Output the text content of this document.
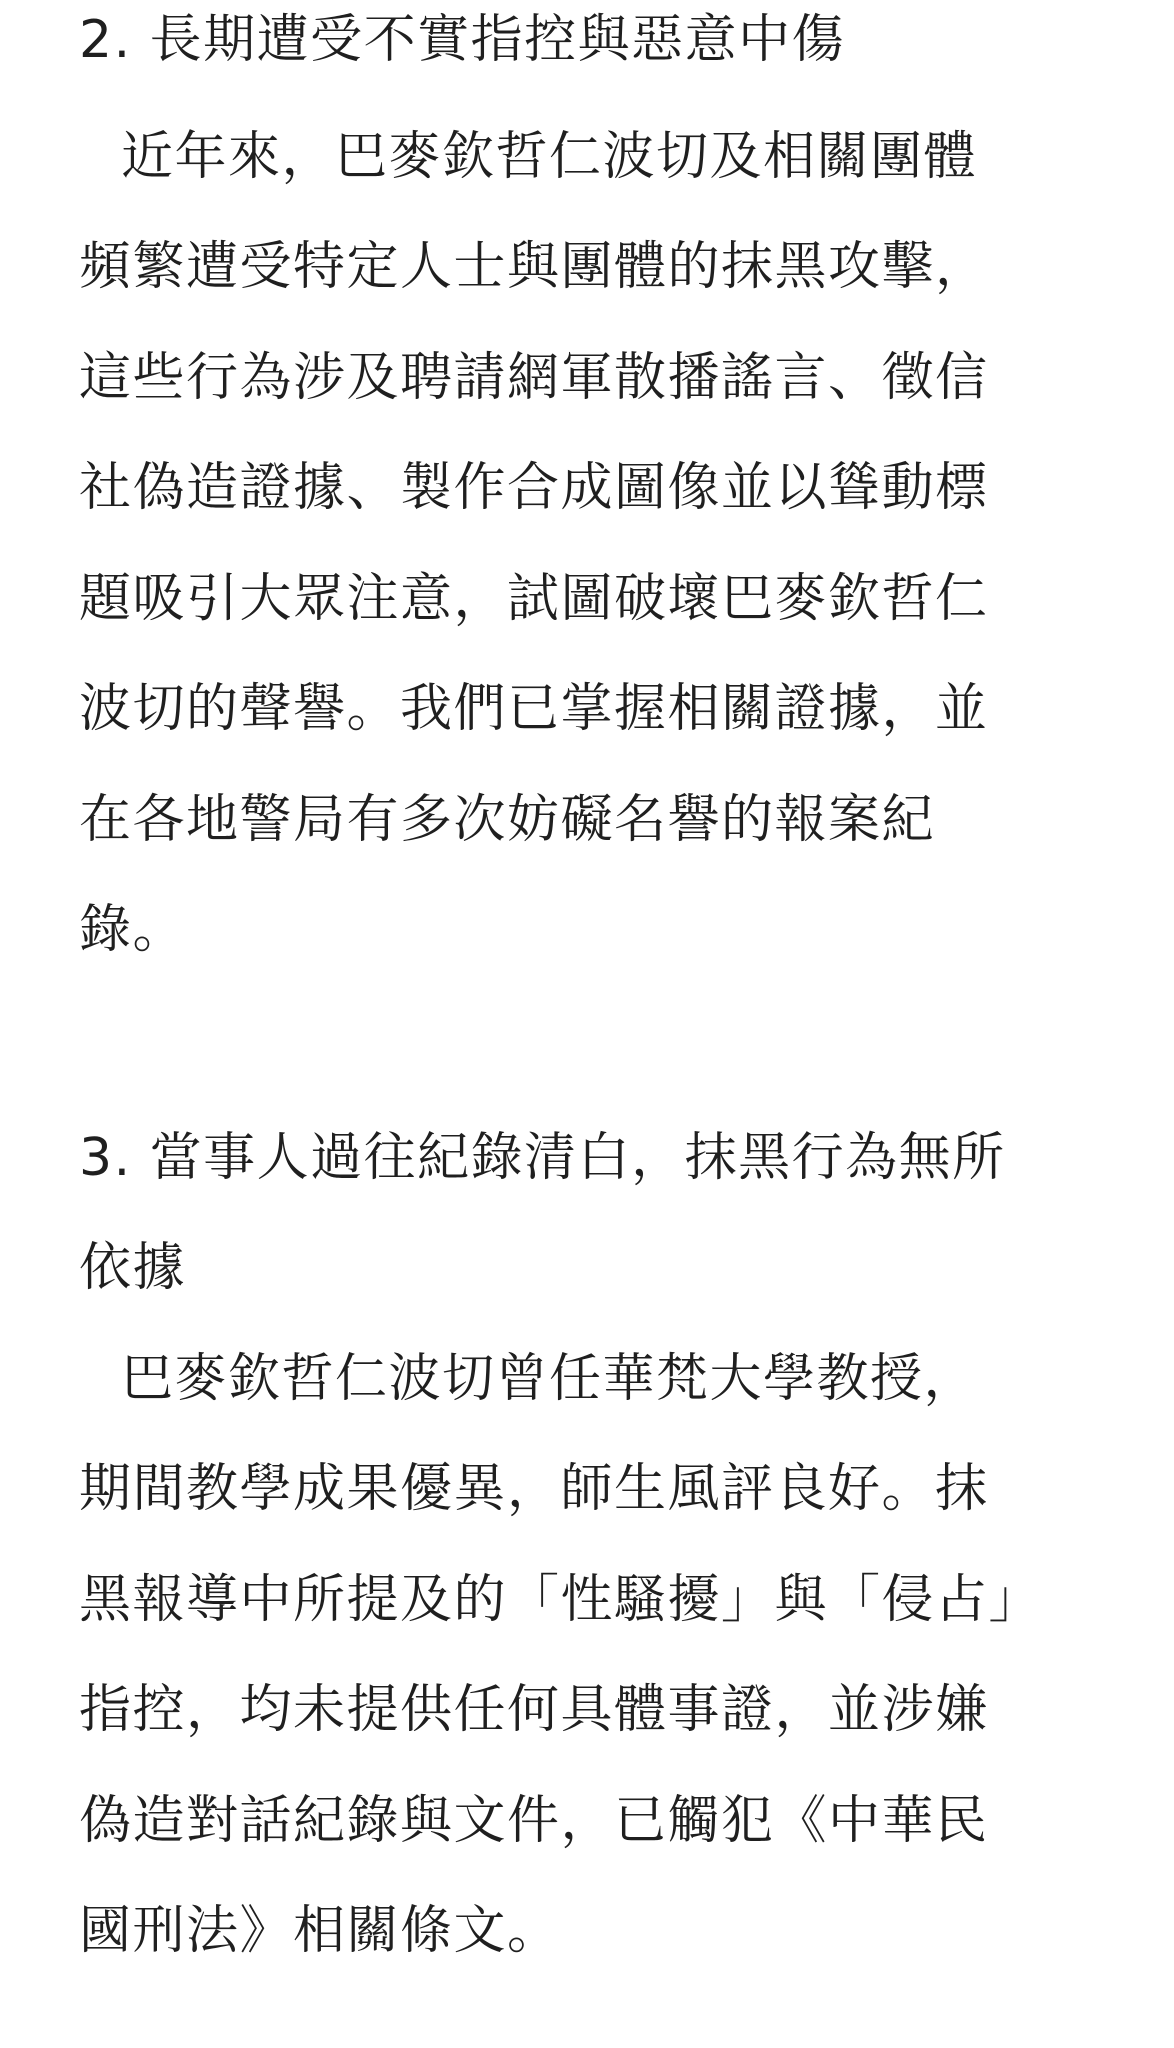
2. 長期遭受不實指控與惡意中傷
近年來，巴麥欽哲仁波切及相關團體
頻繁遭受特定人士與團體的抹黑攻擊，
這些行為涉及聘請網軍散播謠言、徵信
社偽造證據、製作合成圖像並以聳動標
題吸引大眾注意，試圖破壞巴麥欽哲仁
波切的聲譽。我們已掌握相關證據，並
在各地警局有多次妨礙名譽的報案紀
錄。
3. 當事人過往紀錄清白，抹黑行為無所
依據
巴麥欽哲仁波切曾任華梵大學教授，
期間教學成果優異，師生風評良好。抹
黑報導中所提及的「性騷擾」與「侵占」
指控，均未提供任何具體事證，並涉嫌
偽造對話紀錄與文件，已觸犯《中華民
國刑法》相關條文。
